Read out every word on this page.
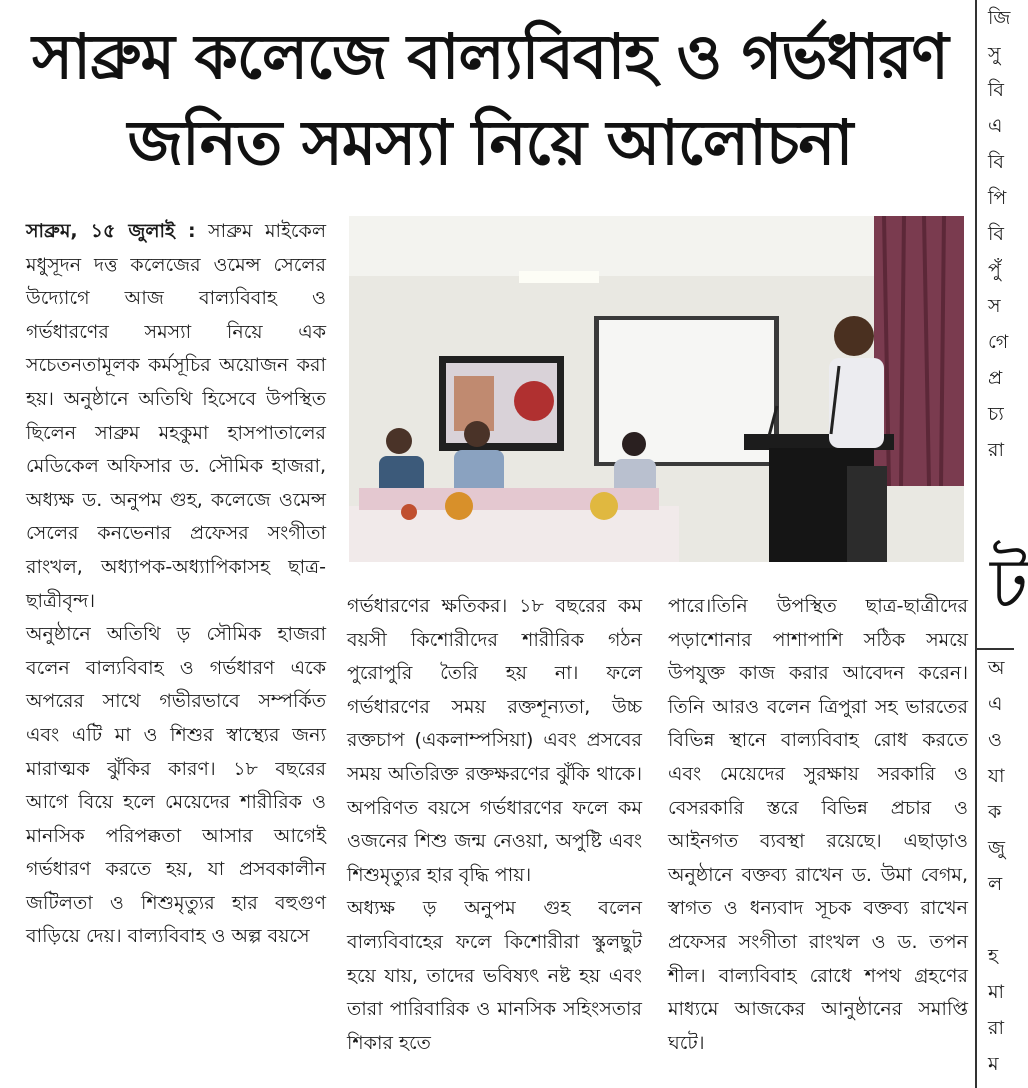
সাব্রুম কলেজে বাল্যবিবাহ ও গর্ভধারণ
জনিত সমস্যা নিয়ে আলোচনা

সাব্রুম, ১৫ জুলাই : সাব্রুম মাইকেল মধুসূদন দত্ত কলেজের ওমেন্স সেলের উদ্যোগে আজ বাল্যবিবাহ ও গর্ভধারণের সমস্যা নিয়ে এক সচেতনতামূলক কর্মসূচির অয়োজন করা হয়। অনুষ্ঠানে অতিথি হিসেবে উপস্থিত ছিলেন সাব্রুম মহকুমা হাসপাতালের মেডিকেল অফিসার ড. সৌমিক হাজরা, অধ্যক্ষ ড. অনুপম গুহ, কলেজে ওমেন্স সেলের কনভেনার প্রফেসর সংগীতা রাংখল, অধ্যাপক-অধ্যাপিকাসহ ছাত্র-ছাত্রীবৃন্দ।

অনুষ্ঠানে অতিথি ড় সৌমিক হাজরা বলেন বাল্যবিবাহ ও গর্ভধারণ একে অপরের সাথে গভীরভাবে সম্পর্কিত এবং এটি মা ও শিশুর স্বাস্থ্যের জন্য মারাত্মক ঝুঁকির কারণ। ১৮ বছরের আগে বিয়ে হলে মেয়েদের শারীরিক ও মানসিক পরিপক্কতা আসার আগেই গর্ভধারণ করতে হয়, যা প্রসবকালীন জটিলতা ও শিশুমৃত্যুর হার বহুগুণ বাড়িয়ে দেয়। বাল্যবিবাহ ও অল্প বয়সে

গর্ভধারণের ক্ষতিকর। ১৮ বছরের কম বয়সী কিশোরীদের শারীরিক গঠন পুরোপুরি তৈরি হয় না। ফলে গর্ভধারণের সময় রক্তশূন্যতা, উচ্চ রক্তচাপ (একলাম্পসিয়া) এবং প্রসবের সময় অতিরিক্ত রক্তক্ষরণের ঝুঁকি থাকে। অপরিণত বয়সে গর্ভধারণের ফলে কম ওজনের শিশু জন্ম নেওয়া, অপুষ্টি এবং শিশুমৃত্যুর হার বৃদ্ধি পায়।

অধ্যক্ষ ড় অনুপম গুহ বলেন বাল্যবিবাহের ফলে কিশোরীরা স্কুলছুট হয়ে যায়, তাদের ভবিষ্যৎ নষ্ট হয় এবং তারা পারিবারিক ও মানসিক সহিংসতার শিকার হতে

পারে।তিনি উপস্থিত ছাত্র-ছাত্রীদের পড়াশোনার পাশাপাশি সঠিক সময়ে উপযুক্ত কাজ করার আবেদন করেন। তিনি আরও বলেন ত্রিপুরা সহ ভারতের বিভিন্ন স্থানে বাল্যবিবাহ রোধ করতে এবং মেয়েদের সুরক্ষায় সরকারি ও বেসরকারি স্তরে বিভিন্ন প্রচার ও আইনগত ব্যবস্থা রয়েছে। এছাড়াও অনুষ্ঠানে বক্তব্য রাখেন ড. উমা বেগম, স্বাগত ও ধন্যবাদ সূচক বক্তব্য রাখেন প্রফেসর সংগীতা রাংখল ও ড. তপন শীল। বাল্যবিবাহ রোধে শপথ গ্রহণের মাধ্যমে আজকের আনুষ্ঠানের সমাপ্তি ঘটে।

জি
সু
বি
এ
বি
পি
বি
পুঁ
স
গে
প্র
চ্য
রা
ট
অ
এ
ও
যা
ক
জু
ল

হ
মা
রা
ম
